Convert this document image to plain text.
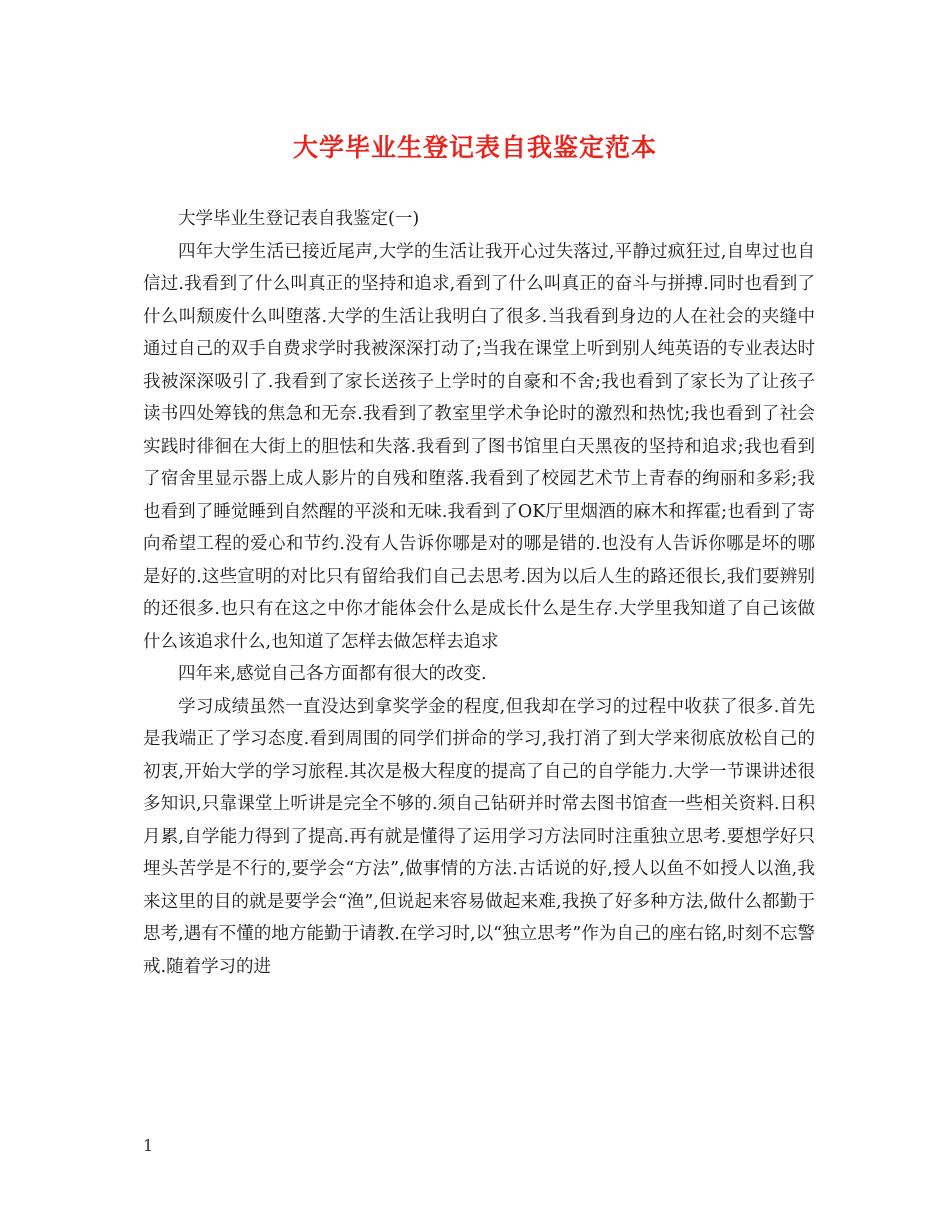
大学毕业生登记表自我鉴定范本

大学毕业生登记表自我鉴定(一)

四年大学生活已接近尾声,大学的生活让我开心过失落过,平静过疯狂过,自卑过也自信过.我看到了什么叫真正的坚持和追求,看到了什么叫真正的奋斗与拼搏.同时也看到了什么叫颓废什么叫堕落.大学的生活让我明白了很多.当我看到身边的人在社会的夹缝中通过自己的双手自费求学时我被深深打动了;当我在课堂上听到别人纯英语的专业表达时我被深深吸引了.我看到了家长送孩子上学时的自豪和不舍;我也看到了家长为了让孩子读书四处筹钱的焦急和无奈.我看到了教室里学术争论时的激烈和热忱;我也看到了社会实践时徘徊在大街上的胆怯和失落.我看到了图书馆里白天黑夜的坚持和追求;我也看到了宿舍里显示器上成人影片的自残和堕落.我看到了校园艺术节上青春的绚丽和多彩;我也看到了睡觉睡到自然醒的平淡和无味.我看到了OK厅里烟酒的麻木和挥霍;也看到了寄向希望工程的爱心和节约.没有人告诉你哪是对的哪是错的.也没有人告诉你哪是坏的哪是好的.这些宣明的对比只有留给我们自己去思考.因为以后人生的路还很长,我们要辨别的还很多.也只有在这之中你才能体会什么是成长什么是生存.大学里我知道了自己该做什么该追求什么,也知道了怎样去做怎样去追求

四年来,感觉自己各方面都有很大的改变.

学习成绩虽然一直没达到拿奖学金的程度,但我却在学习的过程中收获了很多.首先是我端正了学习态度.看到周围的同学们拼命的学习,我打消了到大学来彻底放松自己的初衷,开始大学的学习旅程.其次是极大程度的提高了自己的自学能力.大学一节课讲述很多知识,只靠课堂上听讲是完全不够的.须自己钻研并时常去图书馆查一些相关资料.日积月累,自学能力得到了提高.再有就是懂得了运用学习方法同时注重独立思考.要想学好只埋头苦学是不行的,要学会“方法”,做事情的方法.古话说的好,授人以鱼不如授人以渔,我来这里的目的就是要学会“渔”,但说起来容易做起来难,我换了好多种方法,做什么都勤于思考,遇有不懂的地方能勤于请教.在学习时,以“独立思考”作为自己的座右铭,时刻不忘警戒.随着学习的进

1
